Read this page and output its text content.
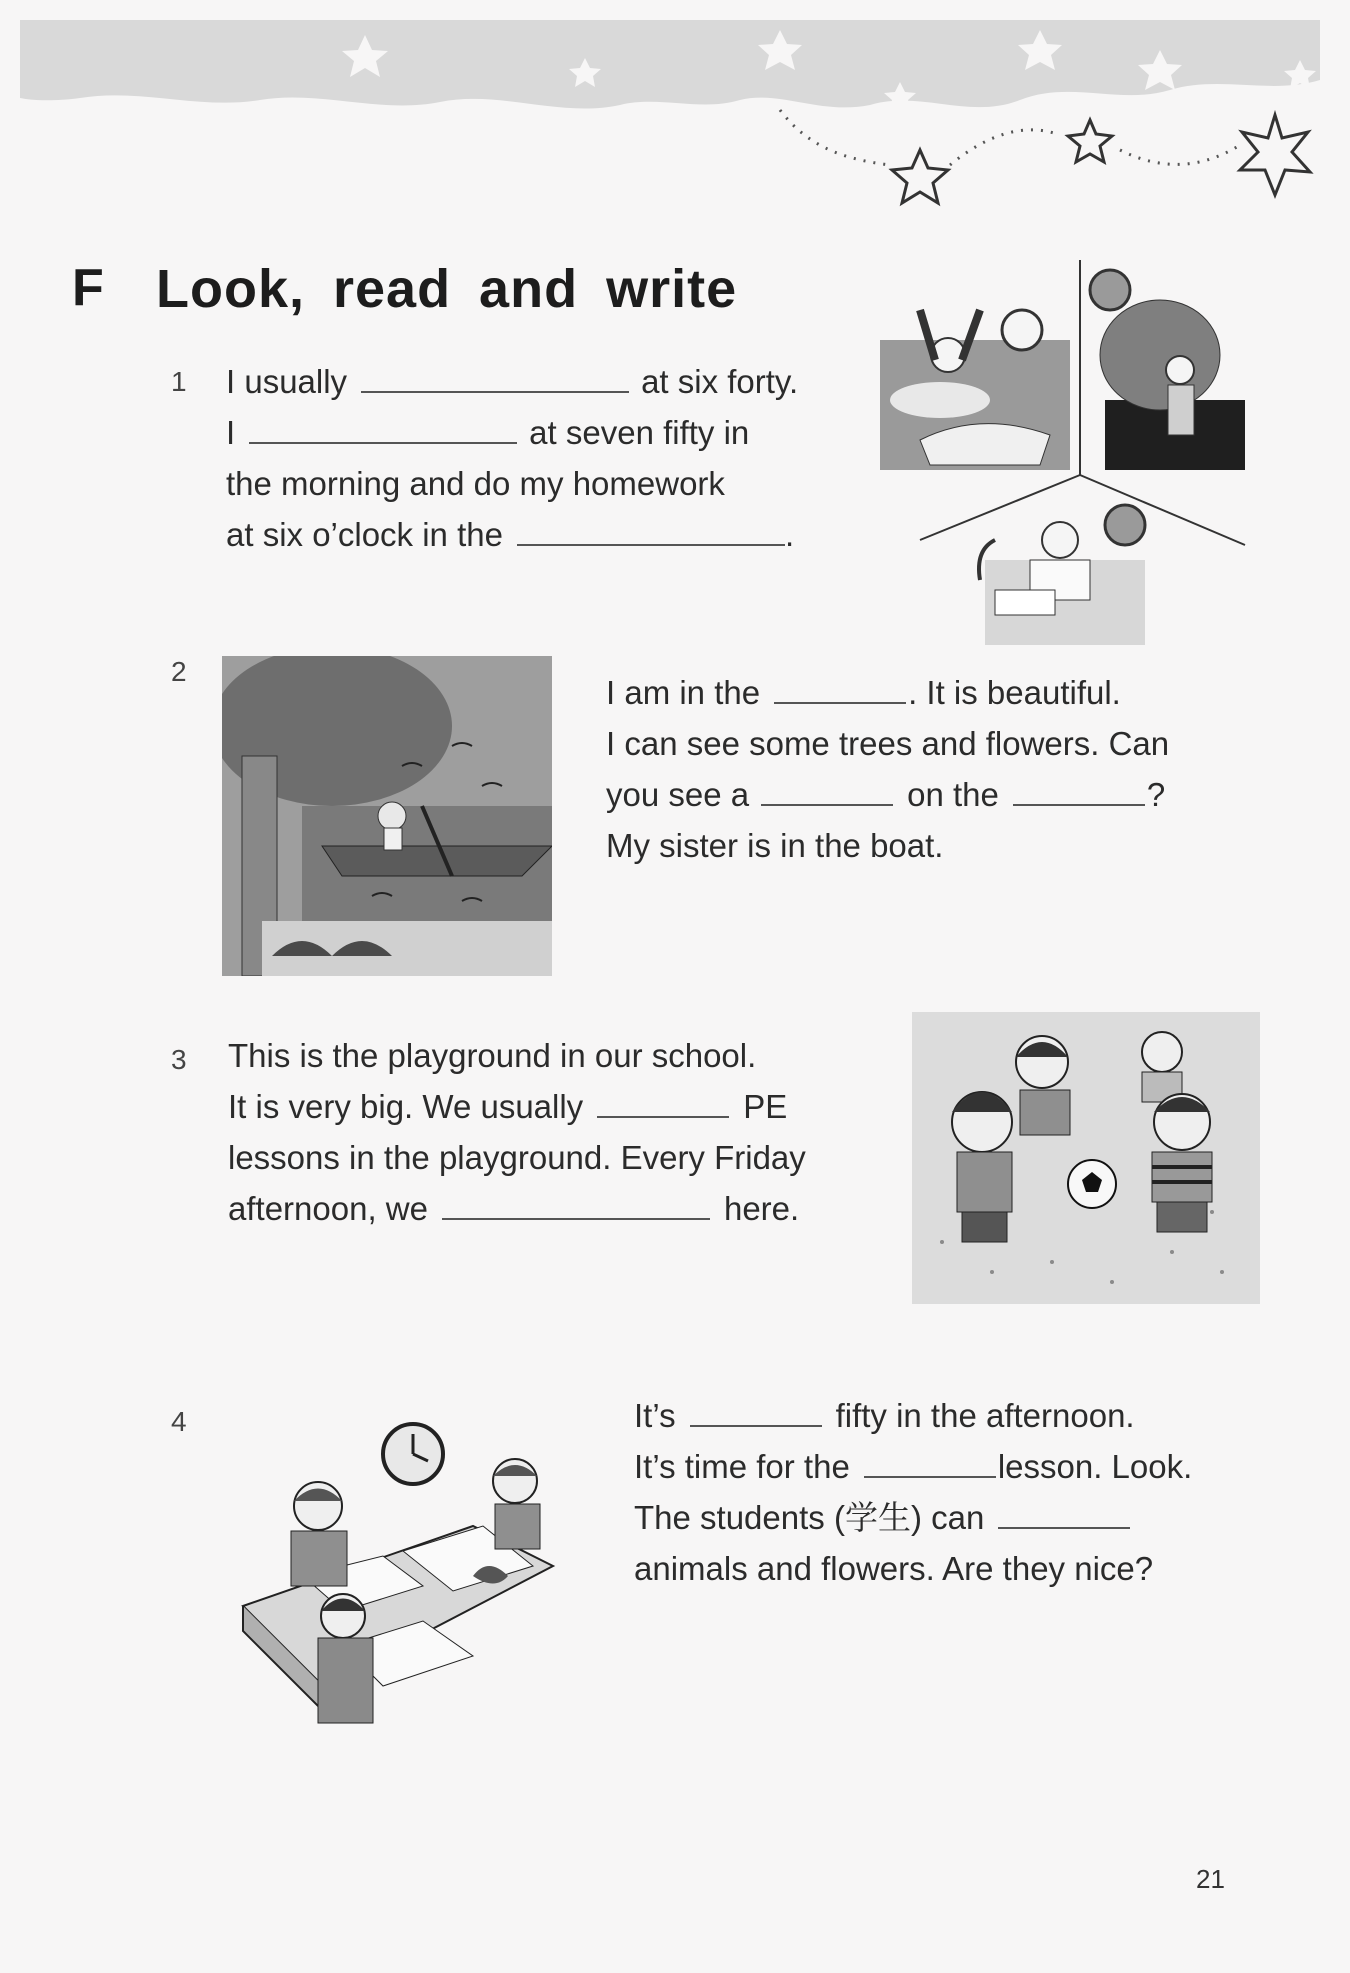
F Look, read and write
1 I usually	at six forty.
I	at seven fifty in
the morning and do my homework
at six o’clock in the	.
2
I am in the	. It is beautiful.
I can see some trees and flowers. Can
you see a	on the	?
My sister is in the boat.
3 This is the playground in our school.
It is very big. We usually	PE
lessons in the playground. Every Friday
afternoon, we	here.
4	It’s	fifty in the afternoon.
It’s time for the	lesson. Look.
The students (学生) can
animals and flowers. Are they nice?
21
